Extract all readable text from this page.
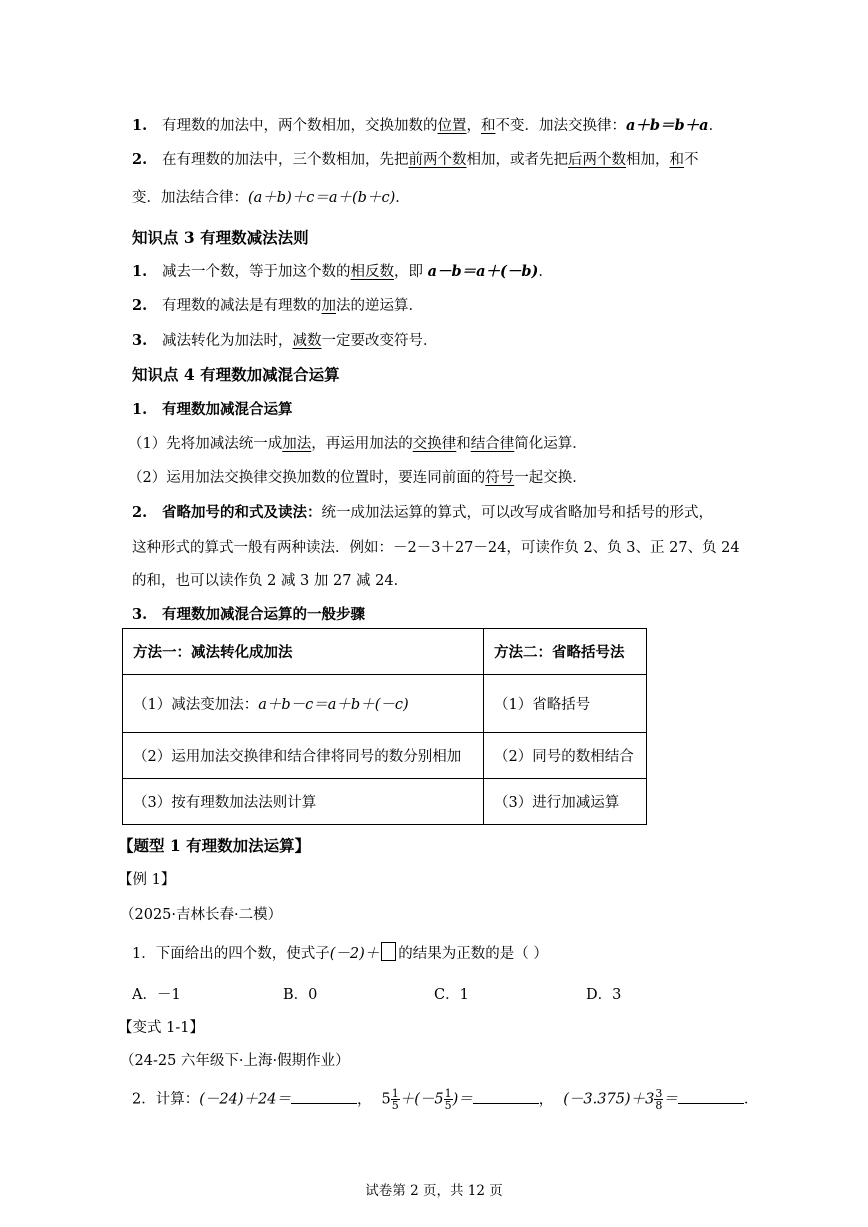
1. 有理数的加法中，两个数相加，交换加数的位置，和不变．加法交换律：a＋b＝b＋a．
2. 在有理数的加法中，三个数相加，先把前两个数相加，或者先把后两个数相加，和不
变．加法结合律：(a＋b)＋c＝a＋(b＋c)．
知识点 3 有理数减法法则
1. 减去一个数，等于加这个数的相反数，即 a－b＝a＋(－b)．
2. 有理数的减法是有理数的加法的逆运算．
3. 减法转化为加法时，减数一定要改变符号．
知识点 4 有理数加减混合运算
1. 有理数加减混合运算
（1）先将加减法统一成加法，再运用加法的交换律和结合律简化运算．
（2）运用加法交换律交换加数的位置时，要连同前面的符号一起交换．
2. 省略加号的和式及读法：统一成加法运算的算式，可以改写成省略加号和括号的形式，
这种形式的算式一般有两种读法．例如：－2－3＋27－24，可读作负 2、负 3、正 27、负 24
的和，也可以读作负 2 减 3 加 27 减 24．
3. 有理数加减混合运算的一般步骤
方法一：减法转化成加法	方法二：省略括号法
（1）减法变加法：a＋b－c＝a＋b＋(－c)	（1）省略括号
（2）运用加法交换律和结合律将同号的数分别相加	（2）同号的数相结合
（3）按有理数加法法则计算	（3）进行加减运算
【题型 1 有理数加法运算】
【例 1】
（2025·吉林长春·二模）
1．下面给出的四个数，使式子(－2)＋ 的结果为正数的是（ ）
A．－1	B．0	C．1	D．3
【变式 1-1】
（24-25 六年级下·上海·假期作业）
2．计算：(－24)＋24＝	， $5 \frac{1}{5} +(-5 \frac{1}{5}$ )＝	， $(-3.375)+3 \frac{3}{8}$ ＝	．
试卷第 2 页，共 12 页
